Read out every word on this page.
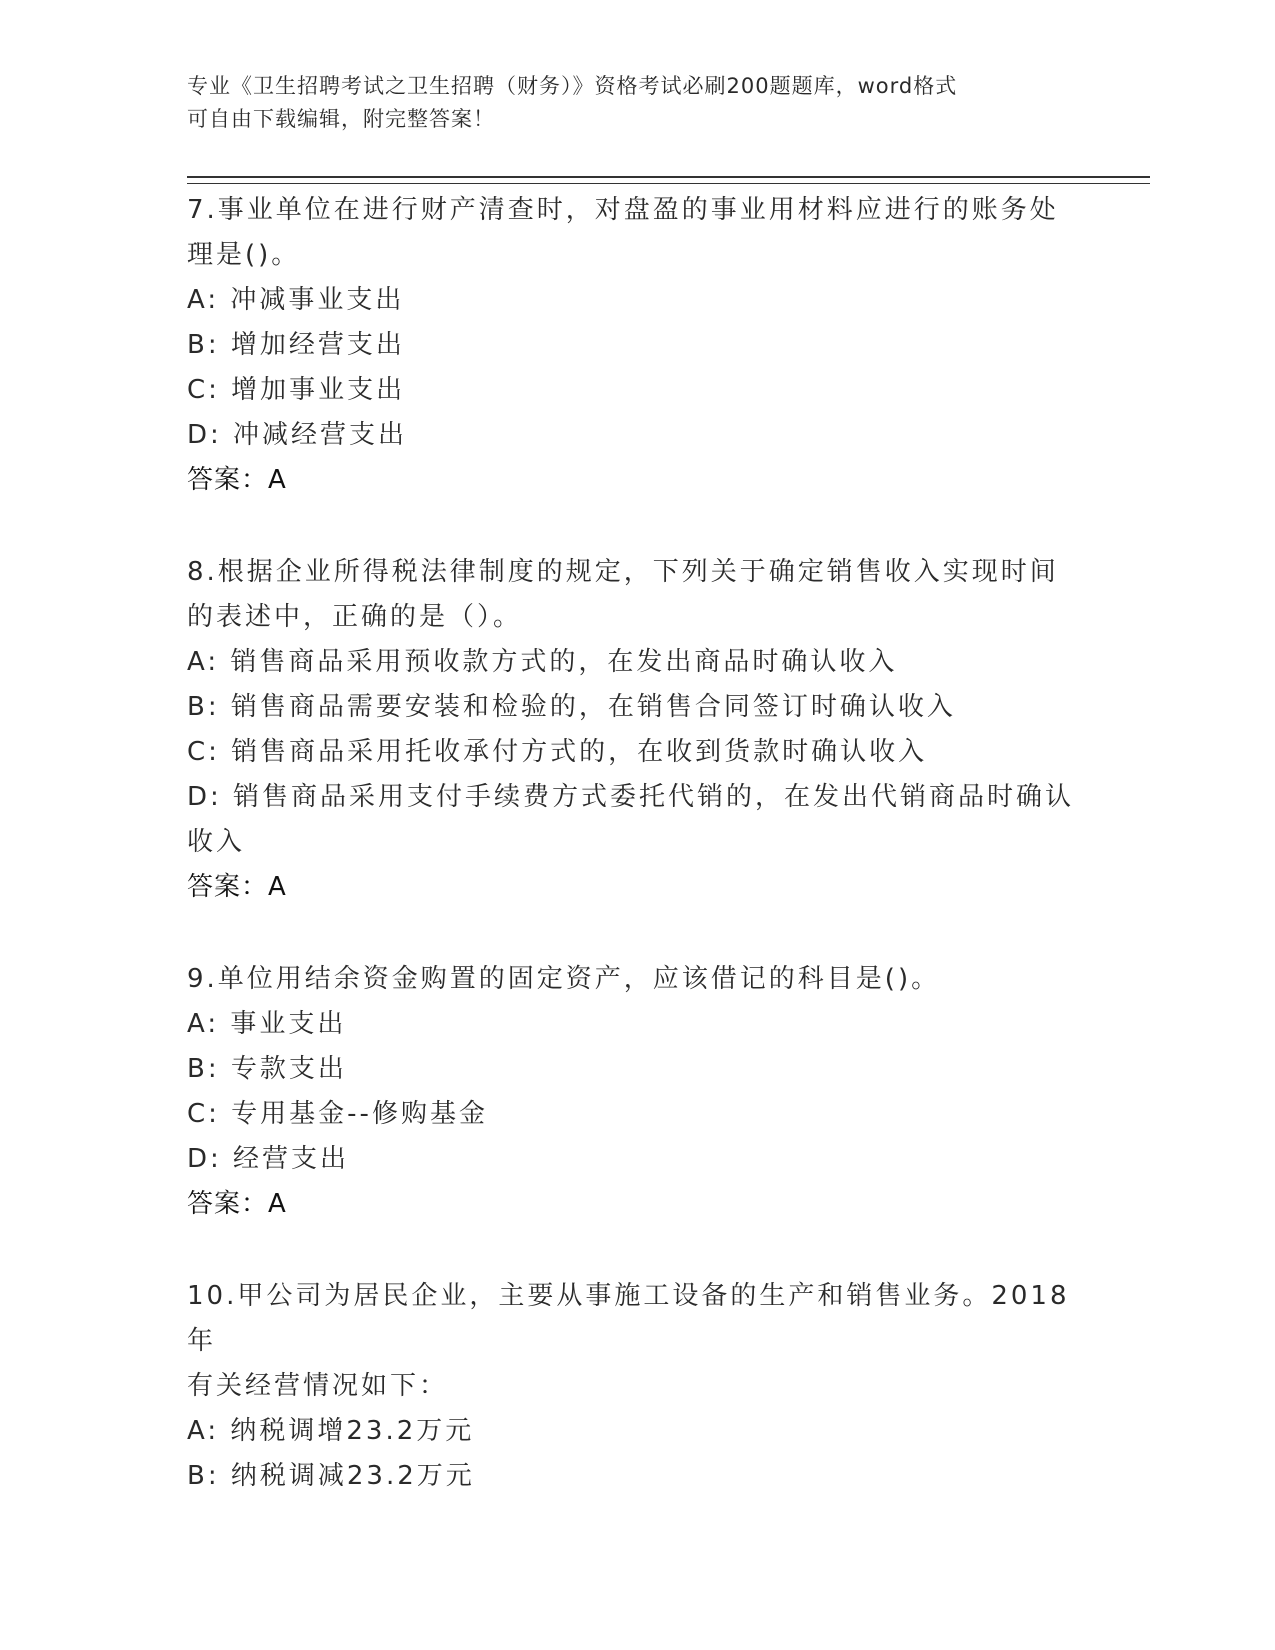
专业《卫生招聘考试之卫生招聘（财务）》资格考试必刷200题题库，word格式
可自由下载编辑，附完整答案！
7.事业单位在进行财产清查时，对盘盈的事业用材料应进行的账务处
理是()。
A: 冲减事业支出
B: 增加经营支出
C: 增加事业支出
D: 冲减经营支出
答案：A
8.根据企业所得税法律制度的规定，下列关于确定销售收入实现时间
的表述中，正确的是（）。
A: 销售商品采用预收款方式的，在发出商品时确认收入
B: 销售商品需要安装和检验的，在销售合同签订时确认收入
C: 销售商品采用托收承付方式的，在收到货款时确认收入
D: 销售商品采用支付手续费方式委托代销的，在发出代销商品时确认
收入
答案：A
9.单位用结余资金购置的固定资产，应该借记的科目是()。
A: 事业支出
B: 专款支出
C: 专用基金--修购基金
D: 经营支出
答案：A
10.甲公司为居民企业，主要从事施工设备的生产和销售业务。2018年
有关经营情况如下：
A: 纳税调增23.2万元
B: 纳税调减23.2万元
